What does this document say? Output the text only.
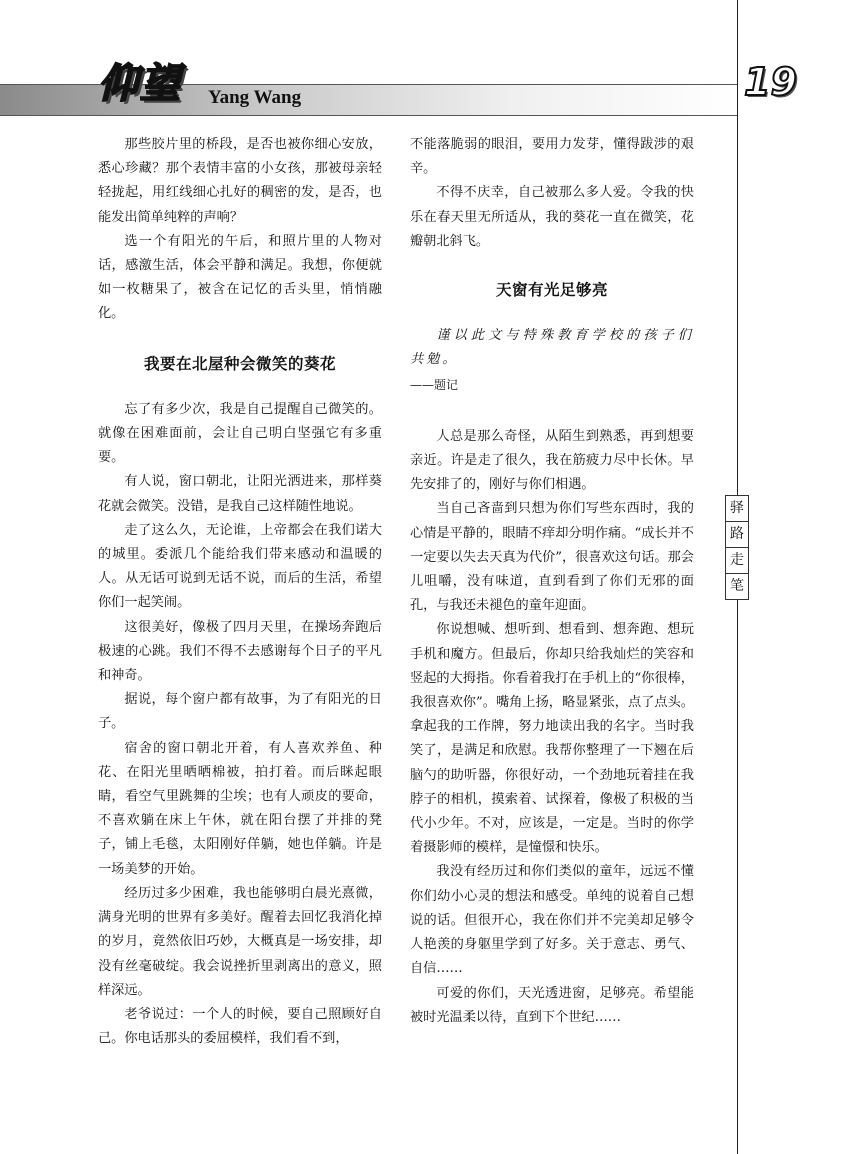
仰望 Yang Wang	19
驿
路
走
笔

那些胶片里的桥段，是否也被你细心安放，悉心珍藏？那个表情丰富的小女孩，那被母亲轻轻拢起，用红线细心扎好的稠密的发，是否，也能发出简单纯粹的声响？

选一个有阳光的午后，和照片里的人物对话，感激生活，体会平静和满足。我想，你便就如一枚糖果了，被含在记忆的舌头里，悄悄融化。

我要在北屋种会微笑的葵花

忘了有多少次，我是自己提醒自己微笑的。就像在困难面前，会让自己明白坚强它有多重要。

有人说，窗口朝北，让阳光洒进来，那样葵花就会微笑。没错，是我自己这样随性地说。

走了这么久，无论谁，上帝都会在我们诺大的城里。委派几个能给我们带来感动和温暖的人。从无话可说到无话不说，而后的生活，希望你们一起笑闹。

这很美好，像极了四月天里，在操场奔跑后极速的心跳。我们不得不去感谢每个日子的平凡和神奇。

据说，每个窗户都有故事，为了有阳光的日子。

宿舍的窗口朝北开着，有人喜欢养鱼、种花、在阳光里晒晒棉被，拍打着。而后眯起眼睛，看空气里跳舞的尘埃；也有人顽皮的要命，不喜欢躺在床上午休，就在阳台摆了并排的凳子，铺上毛毯，太阳刚好佯躺，她也佯躺。许是一场美梦的开始。

经历过多少困难，我也能够明白晨光熹微，满身光明的世界有多美好。醒着去回忆我消化掉的岁月，竟然依旧巧妙，大概真是一场安排，却没有丝毫破绽。我会说挫折里剥离出的意义，照样深远。

老爷说过：一个人的时候，要自己照顾好自己。你电话那头的委屈模样，我们看不到，

不能落脆弱的眼泪，要用力发芽，懂得跋涉的艰辛。

不得不庆幸，自己被那么多人爱。令我的快乐在春天里无所适从，我的葵花一直在微笑，花瓣朝北斜飞。

天窗有光足够亮

谨以此文与特殊教育学校的孩子们共勉。

——题记

人总是那么奇怪，从陌生到熟悉，再到想要亲近。许是走了很久，我在筋疲力尽中长休。早先安排了的，刚好与你们相遇。

当自己吝啬到只想为你们写些东西时，我的心情是平静的，眼睛不痒却分明作痛。“成长并不一定要以失去天真为代价”，很喜欢这句话。那会儿咀嚼，没有味道，直到看到了你们无邪的面孔，与我还未褪色的童年迎面。

你说想喊、想听到、想看到、想奔跑、想玩手机和魔方。但最后，你却只给我灿烂的笑容和竖起的大拇指。你看着我打在手机上的“你很棒，我很喜欢你”。嘴角上扬，略显紧张，点了点头。拿起我的工作牌，努力地读出我的名字。当时我笑了，是满足和欣慰。我帮你整理了一下翘在后脑勺的助听器，你很好动，一个劲地玩着挂在我脖子的相机，摸索着、试探着，像极了积极的当代小少年。不对，应该是，一定是。当时的你学着摄影师的模样，是憧憬和快乐。

我没有经历过和你们类似的童年，远远不懂你们幼小心灵的想法和感受。单纯的说着自己想说的话。但很开心，我在你们并不完美却足够令人艳羡的身躯里学到了好多。关于意志、勇气、自信……

可爱的你们，天光透进窗，足够亮。希望能被时光温柔以待，直到下个世纪……
